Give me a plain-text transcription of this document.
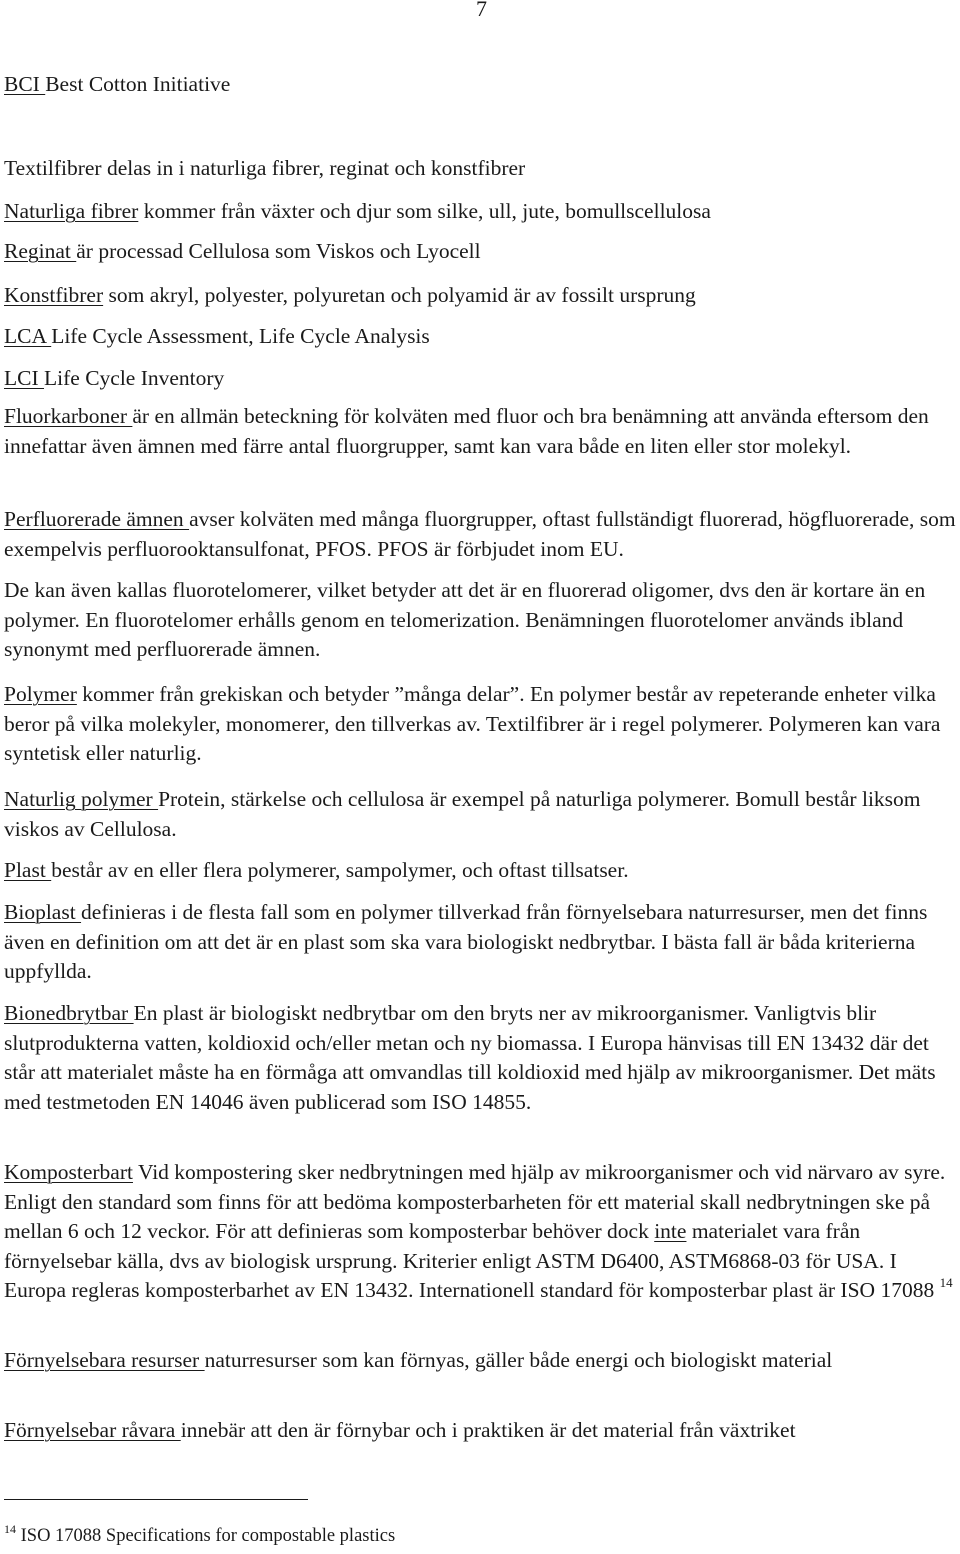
7

BCI Best Cotton Initiative

Textilfibrer delas in i naturliga fibrer, reginat och konstfibrer

Naturliga fibrer kommer från växter och djur som silke, ull, jute, bomullscellulosa

Reginat är processad Cellulosa som Viskos och Lyocell

Konstfibrer som akryl, polyester, polyuretan och polyamid är av fossilt ursprung

LCA Life Cycle Assessment, Life Cycle Analysis

LCI Life Cycle Inventory

Fluorkarboner är en allmän beteckning för kolväten med fluor och bra benämning att använda eftersom den innefattar även ämnen med färre antal fluorgrupper, samt kan vara både en liten eller stor molekyl.

Perfluorerade ämnen avser kolväten med många fluorgrupper, oftast fullständigt fluorerad, högfluorerade, som exempelvis perfluorooktansulfonat, PFOS. PFOS är förbjudet inom EU.

De kan även kallas fluorotelomerer, vilket betyder att det är en fluorerad oligomer, dvs den är kortare än en polymer. En fluorotelomer erhålls genom en telomerization. Benämningen fluorotelomer används ibland synonymt med perfluorerade ämnen.

Polymer kommer från grekiskan och betyder ”många delar”. En polymer består av repeterande enheter vilka beror på vilka molekyler, monomerer, den tillverkas av. Textilfibrer är i regel polymerer. Polymeren kan vara syntetisk eller naturlig.

Naturlig polymer Protein, stärkelse och cellulosa är exempel på naturliga polymerer. Bomull består liksom viskos av Cellulosa.

Plast består av en eller flera polymerer, sampolymer, och oftast tillsatser.

Bioplast definieras i de flesta fall som en polymer tillverkad från förnyelsebara naturresurser, men det finns även en definition om att det är en plast som ska vara biologiskt nedbrytbar. I bästa fall är båda kriterierna uppfyllda.

Bionedbrytbar En plast är biologiskt nedbrytbar om den bryts ner av mikroorganismer. Vanligtvis blir slutprodukterna vatten, koldioxid och/eller metan och ny biomassa. I Europa hänvisas till EN 13432 där det står att materialet måste ha en förmåga att omvandlas till koldioxid med hjälp av mikroorganismer. Det mäts med testmetoden EN 14046 även publicerad som ISO 14855.

Komposterbart Vid kompostering sker nedbrytningen med hjälp av mikroorganismer och vid närvaro av syre. Enligt den standard som finns för att bedöma komposterbarheten för ett material skall nedbrytningen ske på mellan 6 och 12 veckor. För att definieras som komposterbar behöver dock inte materialet vara från förnyelsebar källa, dvs av biologisk ursprung. Kriterier enligt ASTM D6400, ASTM6868-03 för USA. I Europa regleras komposterbarhet av EN 13432. Internationell standard för komposterbar plast är ISO 17088 $^{14}$

Förnyelsebara resurser naturresurser som kan förnyas, gäller både energi och biologiskt material

Förnyelsebar råvara innebär att den är förnybar och i praktiken är det material från växtriket

$^{14}$ ISO 17088 Specifications for compostable plastics
